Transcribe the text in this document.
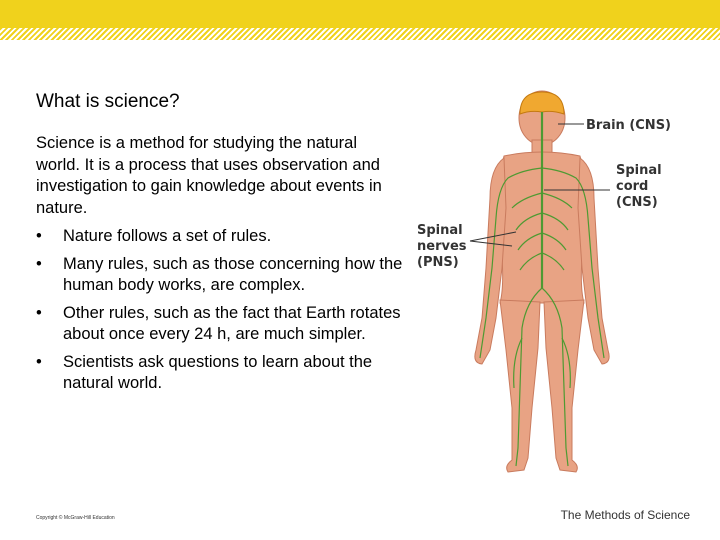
What is science?

Science is a method for studying the natural world. It is a process that uses observation and investigation to gain knowledge about events in nature.

• Nature follows a set of rules.
• Many rules, such as those concerning how the human body works, are complex.
• Other rules, such as the fact that Earth rotates about once every 24 h, are much simpler.
• Scientists ask questions to learn about the natural world.
Brain (CNS)
Spinal
cord
(CNS)
Spinal
nerves
(PNS)
Copyright © McGraw-Hill Education	The Methods of Science
